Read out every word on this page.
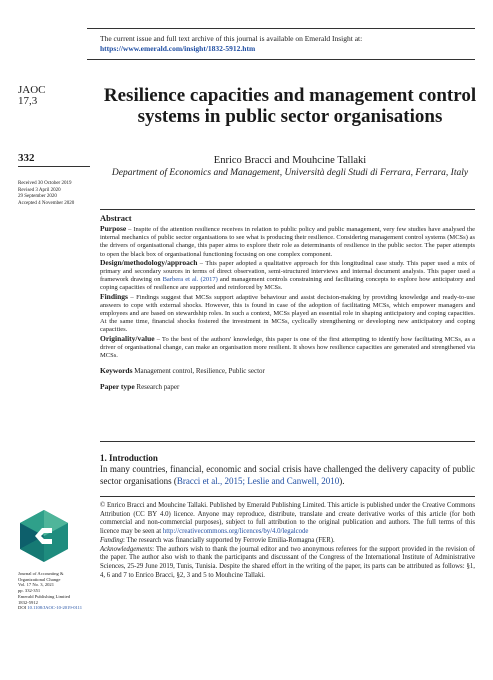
The current issue and full text archive of this journal is available on Emerald Insight at:
https://www.emerald.com/insight/1832-5912.htm
JAOC
17,3
332
Received 30 October 2019
Revised 3 April 2020
29 September 2020
Accepted 4 November 2020
Resilience capacities and management control systems in public sector organisations
Enrico Bracci and Mouhcine Tallaki
Department of Economics and Management, Università degli Studi di Ferrara, Ferrara, Italy
Abstract

Purpose – Inspite of the attention resilience receives in relation to public policy and public management, very few studies have analysed the internal mechanics of public sector organisations to see what is producing their resilience. Considering management control systems (MCSs) as the drivers of organisational change, this paper aims to explore their role as determinants of resilience in the public sector. The paper attempts to open the black box of organisational functioning focusing on one complex component.

Design/methodology/approach – This paper adopted a qualitative approach for this longitudinal case study. This paper used a mix of primary and secondary sources in terms of direct observation, semi-structured interviews and internal document analysis. This paper used a framework drawing on Barbera et al. (2017) and management controls constraining and facilitating concepts to explore how anticipatory and coping capacities of resilience are supported and reinforced by MCSs.

Findings – Findings suggest that MCSs support adaptive behaviour and assist decision-making by providing knowledge and ready-to-use answers to cope with external shocks. However, this is found in case of the adoption of facilitating MCSs, which empower managers and employees and are based on stewardship roles. In such a context, MCSs played an essential role in shaping anticipatory and coping capacities. At the same time, financial shocks fostered the investment in MCSs, cyclically strengthening or developing new anticipatory and coping capacities.

Originality/value – To the best of the authors' knowledge, this paper is one of the first attempting to identify how facilitating MCSs, as a driver of organisational change, can make an organisation more resilient. It shows how resilience capacities are generated and strengthened via MCSs.

Keywords Management control, Resilience, Public sector

Paper type Research paper

1. Introduction

In many countries, financial, economic and social crisis have challenged the delivery capacity of public sector organisations (Bracci et al., 2015; Leslie and Canwell, 2010).

© Enrico Bracci and Mouhcine Tallaki. Published by Emerald Publishing Limited. This article is published under the Creative Commons Attribution (CC BY 4.0) licence. Anyone may reproduce, distribute, translate and create derivative works of this article (for both commercial and non-commercial purposes), subject to full attribution to the original publication and authors. The full terms of this licence may be seen at http://creativecommons.org/licences/by/4.0/legalcode

Funding: The research was financially supported by Ferrovie Emilia-Romagna (FER).

Acknowledgements: The authors wish to thank the journal editor and two anonymous referees for the support provided in the revision of the paper. The author also wish to thank the participants and discussant of the Congress of the International Institute of Administrative Sciences, 25-29 June 2019, Tunis, Tunisia. Despite the shared effort in the writing of the paper, its parts can be attributed as follows: §1, 4, 6 and 7 to Enrico Bracci, §2, 3 and 5 to Mouhcine Tallaki.

Journal of Accounting &
Organizational Change
Vol. 17 No. 3, 2021
pp. 332-351
Emerald Publishing Limited
1832-5912
DOI 10.1108/JAOC-10-2019-0111
